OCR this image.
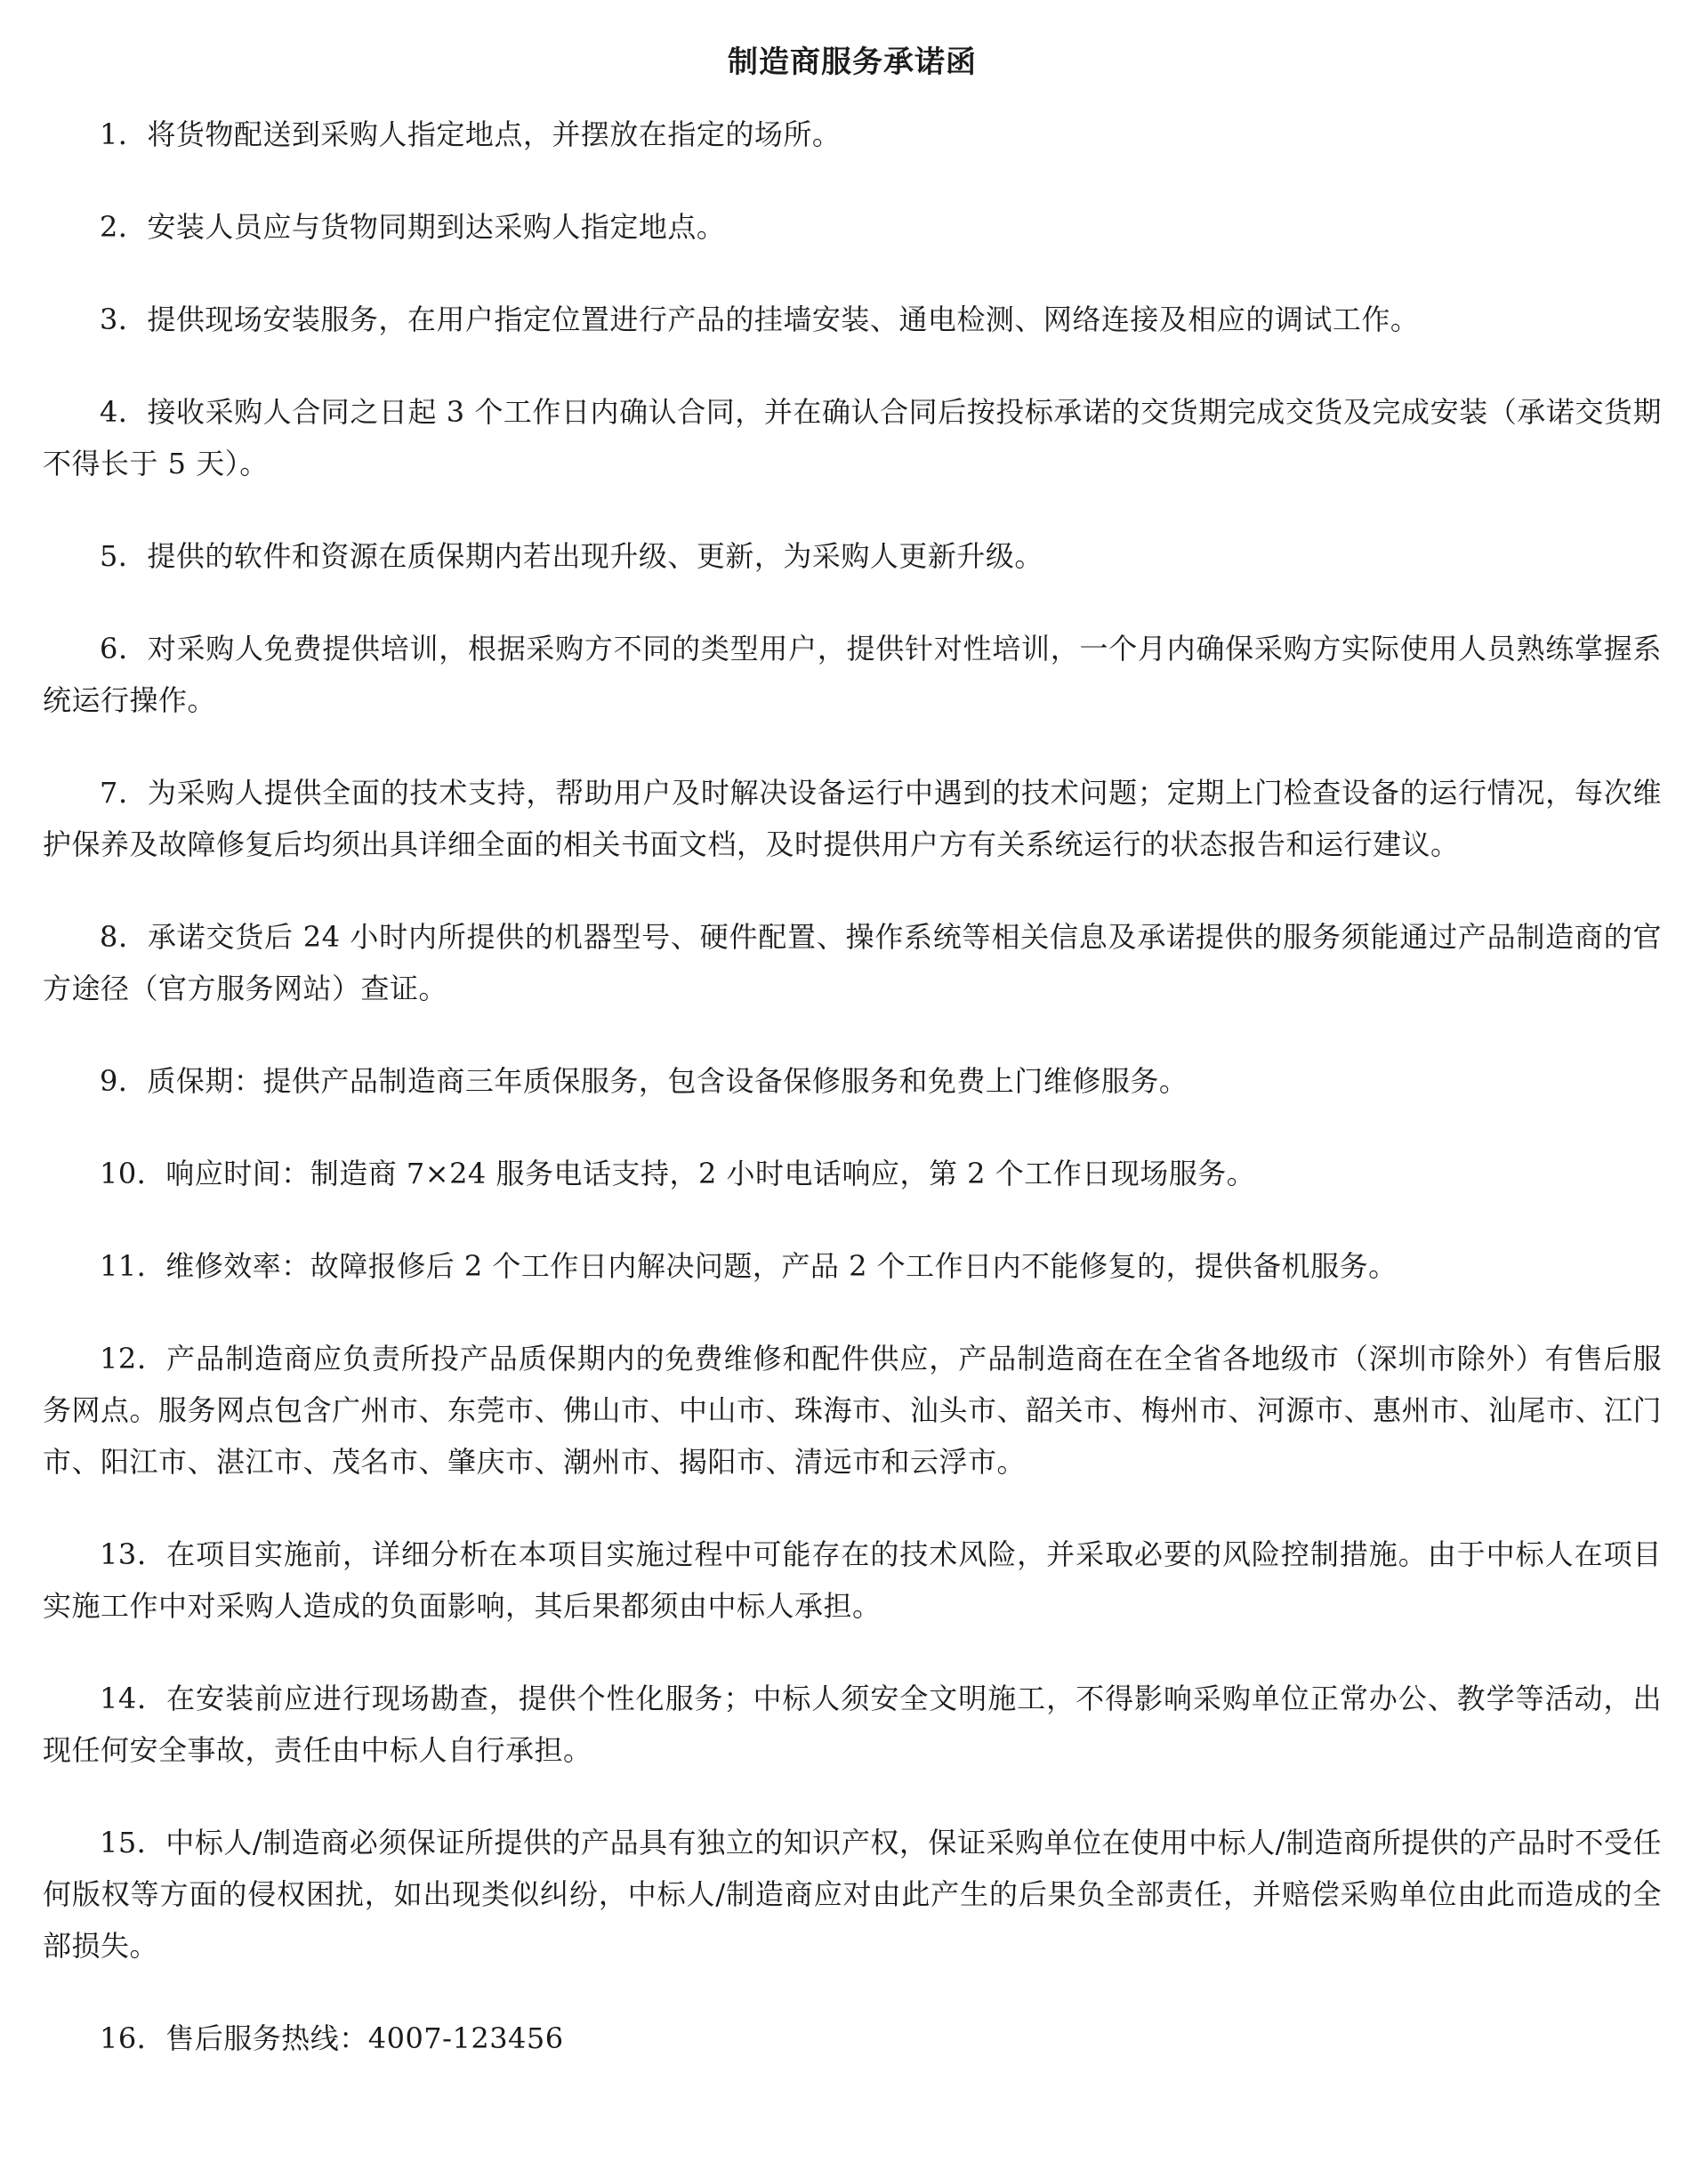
制造商服务承诺函

1．将货物配送到采购人指定地点，并摆放在指定的场所。

2．安装人员应与货物同期到达采购人指定地点。

3．提供现场安装服务，在用户指定位置进行产品的挂墙安装、通电检测、网络连接及相应的调试工作。

4．接收采购人合同之日起 3 个工作日内确认合同，并在确认合同后按投标承诺的交货期完成交货及完成安装（承诺交货期不得长于 5 天）。

5．提供的软件和资源在质保期内若出现升级、更新，为采购人更新升级。

6．对采购人免费提供培训，根据采购方不同的类型用户，提供针对性培训，一个月内确保采购方实际使用人员熟练掌握系统运行操作。

7．为采购人提供全面的技术支持，帮助用户及时解决设备运行中遇到的技术问题；定期上门检查设备的运行情况，每次维护保养及故障修复后均须出具详细全面的相关书面文档，及时提供用户方有关系统运行的状态报告和运行建议。

8．承诺交货后 24 小时内所提供的机器型号、硬件配置、操作系统等相关信息及承诺提供的服务须能通过产品制造商的官方途径（官方服务网站）查证。

9．质保期：提供产品制造商三年质保服务，包含设备保修服务和免费上门维修服务。

10．响应时间：制造商 7×24 服务电话支持，2 小时电话响应，第 2 个工作日现场服务。

11．维修效率：故障报修后 2 个工作日内解决问题，产品 2 个工作日内不能修复的，提供备机服务。

12．产品制造商应负责所投产品质保期内的免费维修和配件供应，产品制造商在在全省各地级市（深圳市除外）有售后服务网点。服务网点包含广州市、东莞市、佛山市、中山市、珠海市、汕头市、韶关市、梅州市、河源市、惠州市、汕尾市、江门市、阳江市、湛江市、茂名市、肇庆市、潮州市、揭阳市、清远市和云浮市。

13．在项目实施前，详细分析在本项目实施过程中可能存在的技术风险，并采取必要的风险控制措施。由于中标人在项目实施工作中对采购人造成的负面影响，其后果都须由中标人承担。

14．在安装前应进行现场勘查，提供个性化服务；中标人须安全文明施工，不得影响采购单位正常办公、教学等活动，出现任何安全事故，责任由中标人自行承担。

15．中标人/制造商必须保证所提供的产品具有独立的知识产权，保证采购单位在使用中标人/制造商所提供的产品时不受任何版权等方面的侵权困扰，如出现类似纠纷，中标人/制造商应对由此产生的后果负全部责任，并赔偿采购单位由此而造成的全部损失。

16．售后服务热线：4007-123456
